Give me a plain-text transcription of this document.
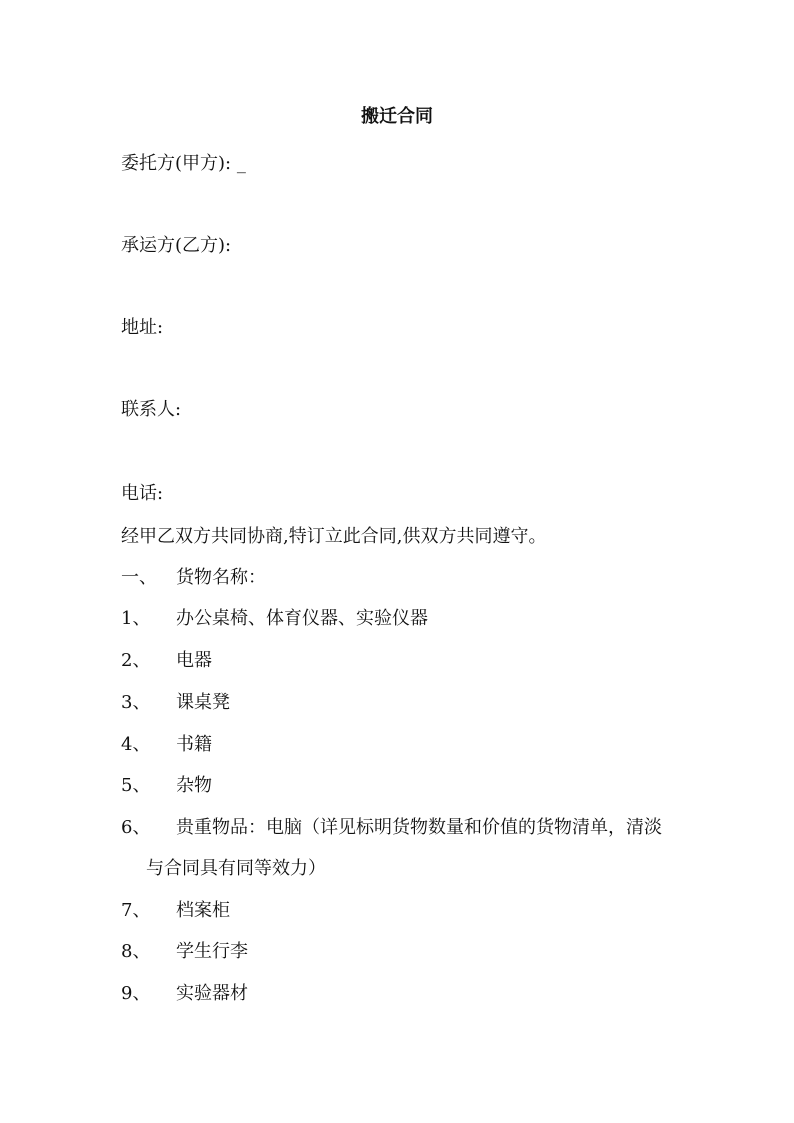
搬迁合同
委托方(甲方): _
承运方(乙方):
地址:
联系人:
电话:
经甲乙双方共同协商,特订立此合同,供双方共同遵守。
一、 货物名称：
1、 办公桌椅、体育仪器、实验仪器
2、 电器
3、 课桌凳
4、 书籍
5、 杂物
6、 贵重物品：电脑（详见标明货物数量和价值的货物清单，清淡
与合同具有同等效力）
7、 档案柜
8、 学生行李
9、 实验器材
